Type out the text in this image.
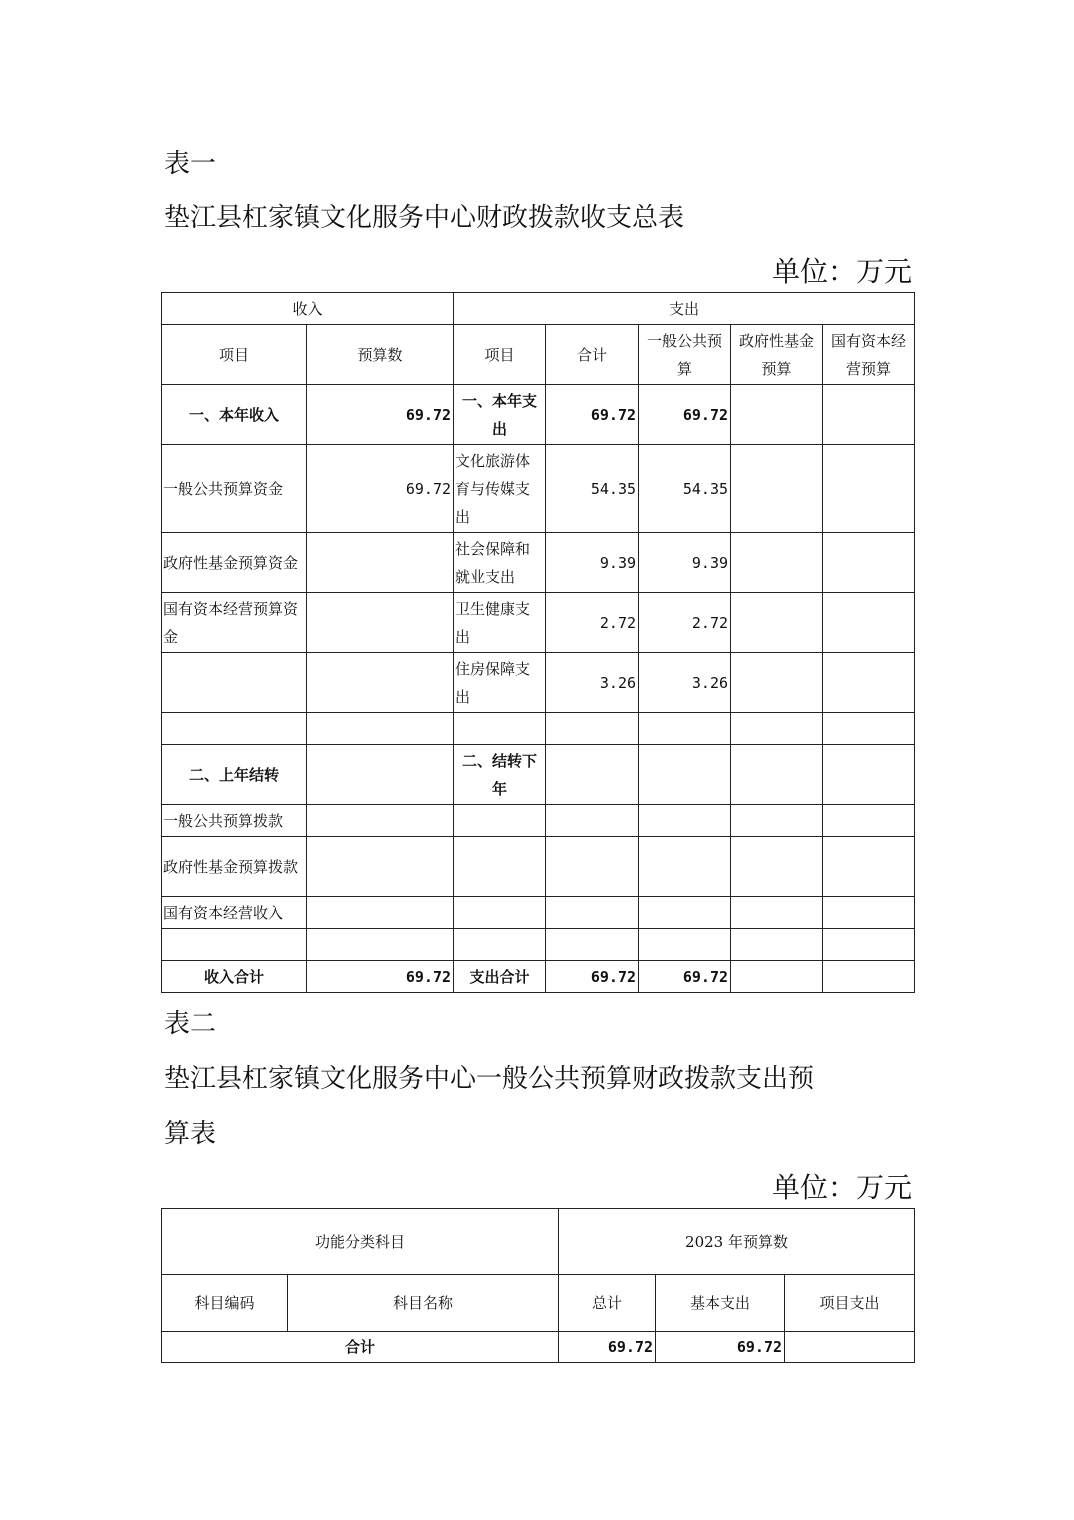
表一
垫江县杠家镇文化服务中心财政拨款收支总表
单位：万元
收入		支出				
项目	预算数	项目	合计	一般公共预算	政府性基金预算	国有资本经营预算
一、本年收入	69.72	一、本年支出	69.72	69.72		
一般公共预算资金	69.72	文化旅游体育与传媒支出	54.35	54.35		
政府性基金预算资金		社会保障和就业支出	9.39	9.39		
国有资本经营预算资金		卫生健康支出	2.72	2.72		
		住房保障支出	3.26	3.26		

二、上年结转		二、结转下年				
一般公共预算拨款						
政府性基金预算拨款						
国有资本经营收入						

收入合计	69.72	支出合计	69.72	69.72		
表二
垫江县杠家镇文化服务中心一般公共预算财政拨款支出预
算表
单位：万元
功能分类科目		2023 年预算数		
科目编码	科目名称	总计	基本支出	项目支出
合计		69.72	69.72	
